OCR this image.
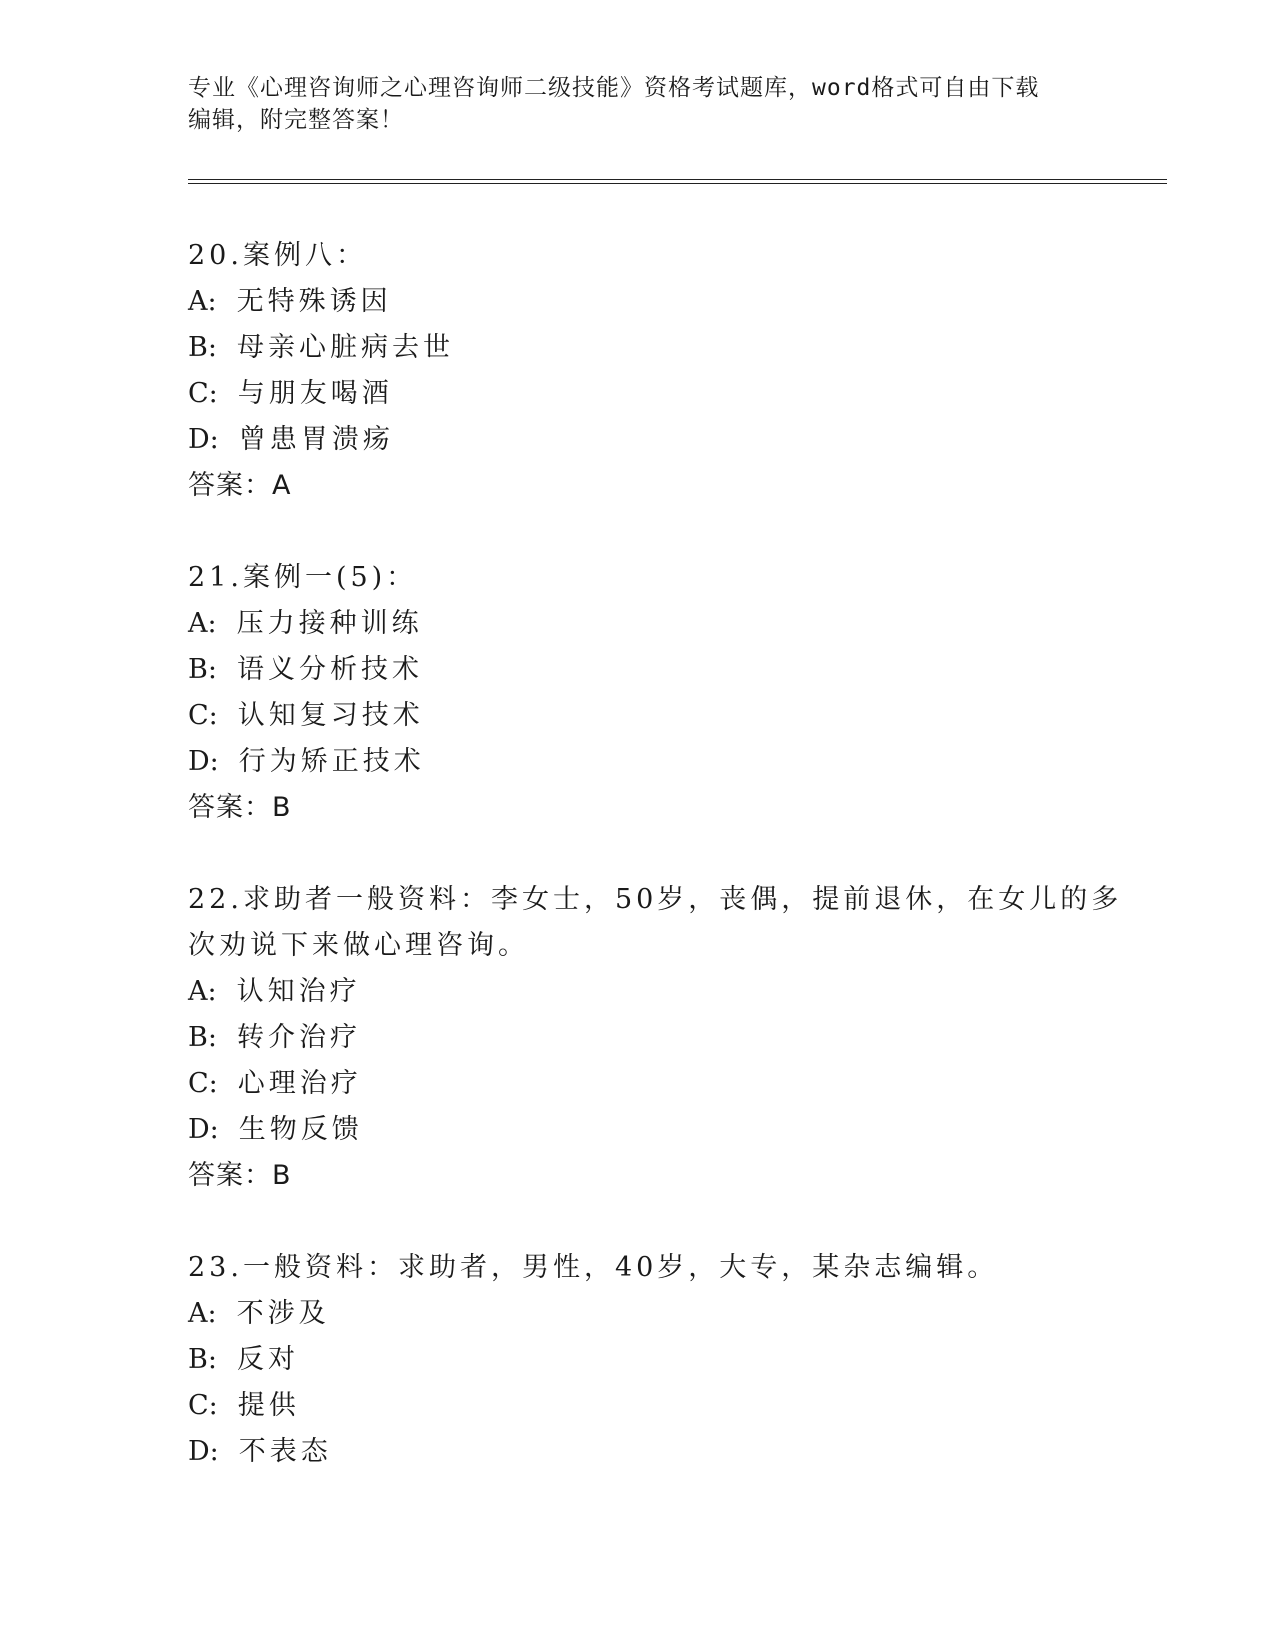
专业《心理咨询师之心理咨询师二级技能》资格考试题库，word格式可自由下载
编辑，附完整答案！

20.案例八：

A: 无特殊诱因

B: 母亲心脏病去世

C: 与朋友喝酒

D: 曾患胃溃疡

答案：A

21.案例一(5)：

A: 压力接种训练

B: 语义分析技术

C: 认知复习技术

D: 行为矫正技术

答案：B

22.求助者一般资料：李女士，50岁，丧偶，提前退休，在女儿的多次劝说下来做心理咨询。

A: 认知治疗

B: 转介治疗

C: 心理治疗

D: 生物反馈

答案：B

23.一般资料：求助者，男性，40岁，大专，某杂志编辑。

A: 不涉及

B: 反对

C: 提供

D: 不表态
